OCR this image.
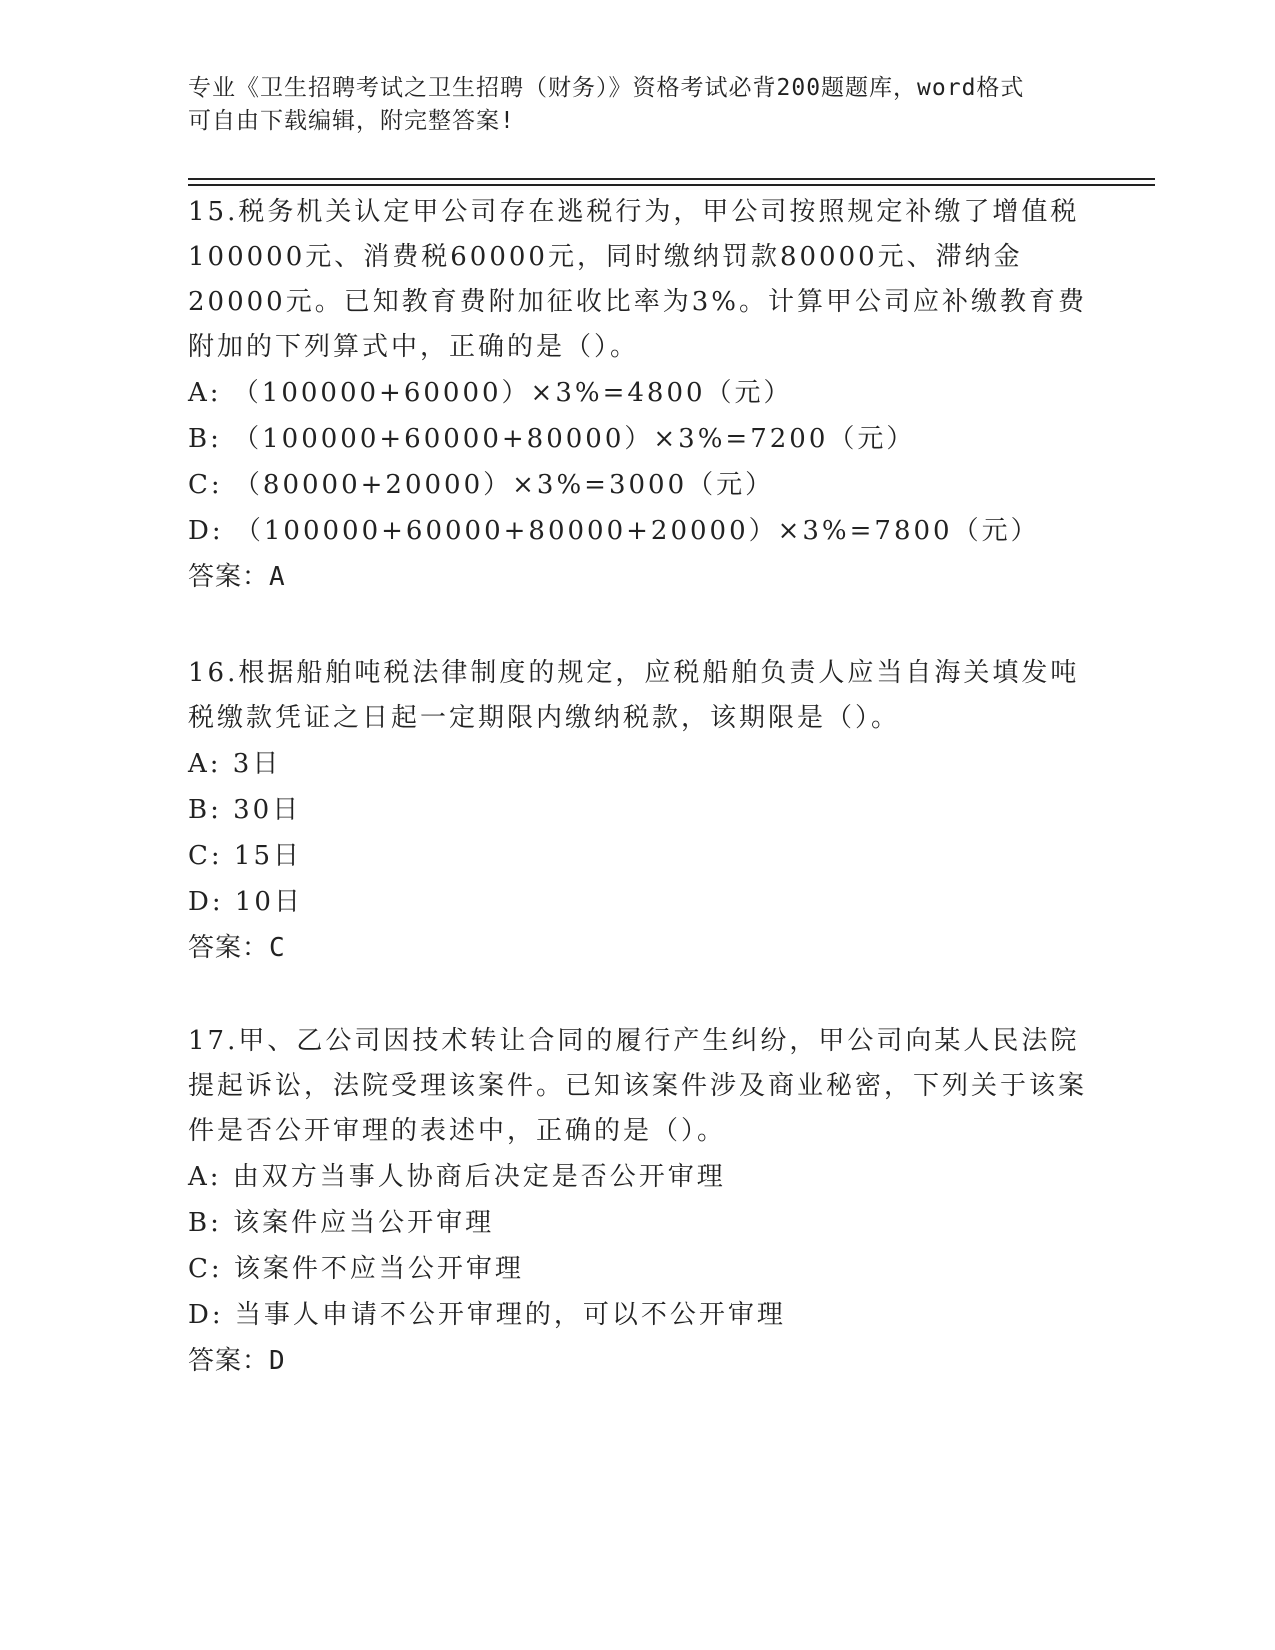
专业《卫生招聘考试之卫生招聘（财务）》资格考试必背200题题库，word格式
可自由下载编辑，附完整答案!
15.税务机关认定甲公司存在逃税行为，甲公司按照规定补缴了增值税100000元、消费税60000元，同时缴纳罚款80000元、滞纳金20000元。已知教育费附加征收比率为3%。计算甲公司应补缴教育费附加的下列算式中，正确的是（）。
A: （100000+60000）×3%=4800（元）
B: （100000+60000+80000）×3%=7200（元）
C: （80000+20000）×3%=3000（元）
D: （100000+60000+80000+20000）×3%=7800（元）
答案：A
16.根据船舶吨税法律制度的规定，应税船舶负责人应当自海关填发吨税缴款凭证之日起一定期限内缴纳税款，该期限是（）。
A: 3日
B: 30日
C: 15日
D: 10日
答案：C
17.甲、乙公司因技术转让合同的履行产生纠纷，甲公司向某人民法院提起诉讼，法院受理该案件。已知该案件涉及商业秘密，下列关于该案件是否公开审理的表述中，正确的是（）。
A: 由双方当事人协商后决定是否公开审理
B: 该案件应当公开审理
C: 该案件不应当公开审理
D: 当事人申请不公开审理的，可以不公开审理
答案：D
